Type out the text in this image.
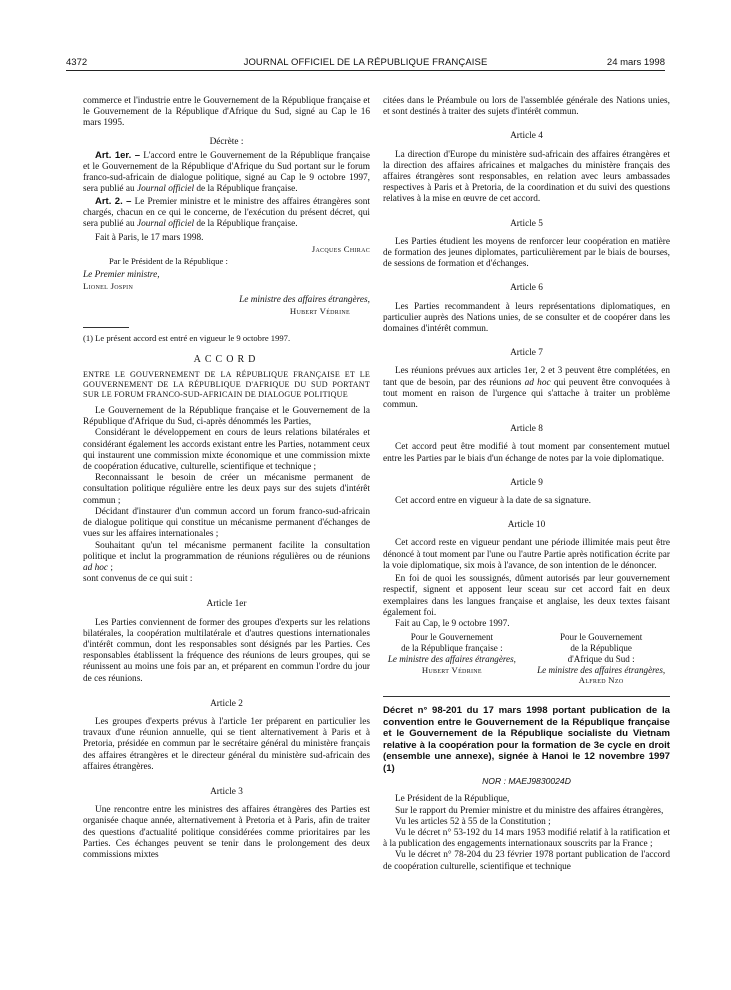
4372	JOURNAL OFFICIEL DE LA RÉPUBLIQUE FRANÇAISE	24 mars 1998

commerce et l'industrie entre le Gouvernement de la République française et le Gouvernement de la République d'Afrique du Sud, signé au Cap le 16 mars 1995.

Décrète :

Art. 1er. – L'accord entre le Gouvernement de la République française et le Gouvernement de la République d'Afrique du Sud portant sur le forum franco-sud-africain de dialogue politique, signé au Cap le 9 octobre 1997, sera publié au Journal officiel de la République française.

Art. 2. – Le Premier ministre et le ministre des affaires étrangères sont chargés, chacun en ce qui le concerne, de l'exécution du présent décret, qui sera publié au Journal officiel de la République française.

Fait à Paris, le 17 mars 1998.

Jacques Chirac

Par le Président de la République :

Le Premier ministre,

Lionel Jospin

Le ministre des affaires étrangères,

Hubert Védrine

(1) Le présent accord est entré en vigueur le 9 octobre 1997.

ACCORD

ENTRE LE GOUVERNEMENT DE LA RÉPUBLIQUE FRANÇAISE ET LE GOUVERNEMENT DE LA RÉPUBLIQUE D'AFRIQUE DU SUD PORTANT SUR LE FORUM FRANCO-SUD-AFRICAIN DE DIALOGUE POLITIQUE

Le Gouvernement de la République française et le Gouvernement de la République d'Afrique du Sud, ci-après dénommés les Parties,

Considérant le développement en cours de leurs relations bilatérales et considérant également les accords existant entre les Parties, notamment ceux qui instaurent une commission mixte économique et une commission mixte de coopération éducative, culturelle, scientifique et technique ;

Reconnaissant le besoin de créer un mécanisme permanent de consultation politique régulière entre les deux pays sur des sujets d'intérêt commun ;

Décidant d'instaurer d'un commun accord un forum franco-sud-africain de dialogue politique qui constitue un mécanisme permanent d'échanges de vues sur les affaires internationales ;

Souhaitant qu'un tel mécanisme permanent facilite la consultation politique et inclut la programmation de réunions régulières ou de réunions ad hoc ;

sont convenus de ce qui suit :

Article 1er

Les Parties conviennent de former des groupes d'experts sur les relations bilatérales, la coopération multilatérale et d'autres questions internationales d'intérêt commun, dont les responsables sont désignés par les Parties. Ces responsables établissent la fréquence des réunions de leurs groupes, qui se réunissent au moins une fois par an, et préparent en commun l'ordre du jour de ces réunions.

Article 2

Les groupes d'experts prévus à l'article 1er préparent en particulier les travaux d'une réunion annuelle, qui se tient alternativement à Paris et à Pretoria, présidée en commun par le secrétaire général du ministère français des affaires étrangères et le directeur général du ministère sud-africain des affaires étrangères.

Article 3

Une rencontre entre les ministres des affaires étrangères des Parties est organisée chaque année, alternativement à Pretoria et à Paris, afin de traiter des questions d'actualité politique considérées comme prioritaires par les Parties. Ces échanges peuvent se tenir dans le prolongement des deux commissions mixtes

citées dans le Préambule ou lors de l'assemblée générale des Nations unies, et sont destinés à traiter des sujets d'intérêt commun.

Article 4

La direction d'Europe du ministère sud-africain des affaires étrangères et la direction des affaires africaines et malgaches du ministère français des affaires étrangères sont responsables, en relation avec leurs ambassades respectives à Paris et à Pretoria, de la coordination et du suivi des questions relatives à la mise en œuvre de cet accord.

Article 5

Les Parties étudient les moyens de renforcer leur coopération en matière de formation des jeunes diplomates, particulièrement par le biais de bourses, de sessions de formation et d'échanges.

Article 6

Les Parties recommandent à leurs représentations diplomatiques, en particulier auprès des Nations unies, de se consulter et de coopérer dans les domaines d'intérêt commun.

Article 7

Les réunions prévues aux articles 1er, 2 et 3 peuvent être complétées, en tant que de besoin, par des réunions ad hoc qui peuvent être convoquées à tout moment en raison de l'urgence qui s'attache à traiter un problème commun.

Article 8

Cet accord peut être modifié à tout moment par consentement mutuel entre les Parties par le biais d'un échange de notes par la voie diplomatique.

Article 9

Cet accord entre en vigueur à la date de sa signature.

Article 10

Cet accord reste en vigueur pendant une période illimitée mais peut être dénoncé à tout moment par l'une ou l'autre Partie après notification écrite par la voie diplomatique, six mois à l'avance, de son intention de le dénoncer.

En foi de quoi les soussignés, dûment autorisés par leur gouvernement respectif, signent et apposent leur sceau sur cet accord fait en deux exemplaires dans les langues française et anglaise, les deux textes faisant également foi.

Fait au Cap, le 9 octobre 1997.

Pour le Gouvernement
de la République française :
Le ministre des affaires étrangères,
Hubert Védrine
Pour le Gouvernement
de la République
d'Afrique du Sud :
Le ministre des affaires étrangères,
Alfred Nzo

Décret n° 98-201 du 17 mars 1998 portant publication de la convention entre le Gouvernement de la République française et le Gouvernement de la République socialiste du Vietnam relative à la coopération pour la formation de 3e cycle en droit (ensemble une annexe), signée à Hanoi le 12 novembre 1997 (1)

NOR : MAEJ9830024D

Le Président de la République,

Sur le rapport du Premier ministre et du ministre des affaires étrangères,

Vu les articles 52 à 55 de la Constitution ;

Vu le décret n° 53-192 du 14 mars 1953 modifié relatif à la ratification et à la publication des engagements internationaux souscrits par la France ;

Vu le décret n° 78-204 du 23 février 1978 portant publication de l'accord de coopération culturelle, scientifique et technique
